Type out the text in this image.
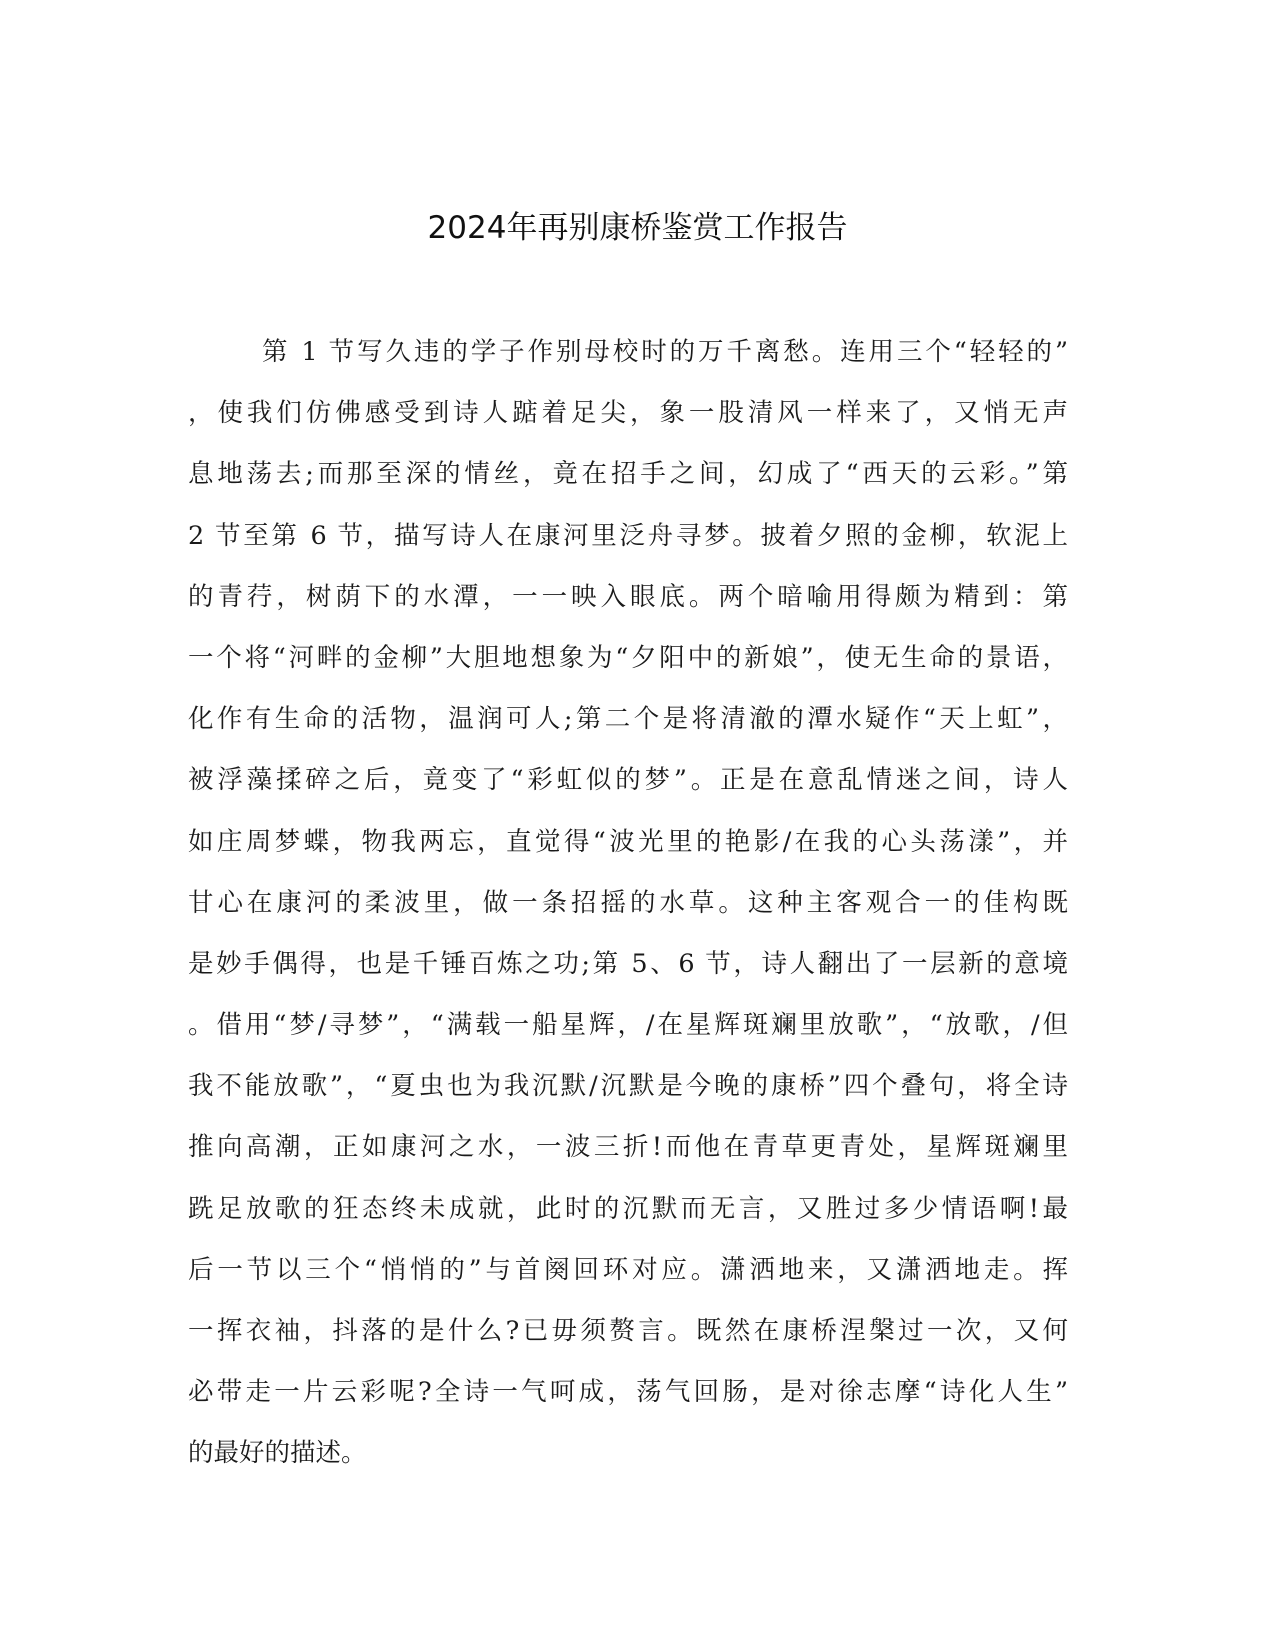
2024年再别康桥鉴赏工作报告
第 1 节写久违的学子作别母校时的万千离愁。连用三个“轻轻的”
，使我们仿佛感受到诗人踮着足尖，象一股清风一样来了，又悄无声
息地荡去;而那至深的情丝，竟在招手之间，幻成了“西天的云彩。”第
2 节至第 6 节，描写诗人在康河里泛舟寻梦。披着夕照的金柳，软泥上
的青荇，树荫下的水潭，一一映入眼底。两个暗喻用得颇为精到：第
一个将“河畔的金柳”大胆地想象为“夕阳中的新娘”，使无生命的景语，
化作有生命的活物，温润可人;第二个是将清澈的潭水疑作“天上虹”，
被浮藻揉碎之后，竟变了“彩虹似的梦”。正是在意乱情迷之间，诗人
如庄周梦蝶，物我两忘，直觉得“波光里的艳影/在我的心头荡漾”，并
甘心在康河的柔波里，做一条招摇的水草。这种主客观合一的佳构既
是妙手偶得，也是千锤百炼之功;第 5、6 节，诗人翻出了一层新的意境
。借用“梦/寻梦”，“满载一船星辉，/在星辉斑斓里放歌”，“放歌，/但
我不能放歌”，“夏虫也为我沉默/沉默是今晚的康桥”四个叠句，将全诗
推向高潮，正如康河之水，一波三折!而他在青草更青处，星辉斑斓里
跣足放歌的狂态终未成就，此时的沉默而无言，又胜过多少情语啊!最
后一节以三个“悄悄的”与首阕回环对应。潇洒地来，又潇洒地走。挥
一挥衣袖，抖落的是什么?已毋须赘言。既然在康桥涅槃过一次，又何
必带走一片云彩呢?全诗一气呵成，荡气回肠，是对徐志摩“诗化人生”
的最好的描述。
